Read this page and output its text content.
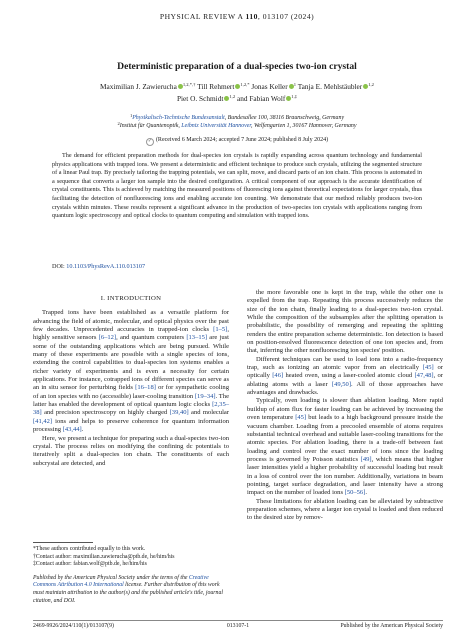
PHYSICAL REVIEW A 110, 013107 (2024)
Deterministic preparation of a dual-species two-ion crystal
Maximilian J. Zawierucha $^{1,2,*,\dagger}$ Till Rehmert $^{1,2,*}$ Jonas Keller $^1$ Tanja E. Mehlstäubler $^{1,2}$
Piet O. Schmidt $^{1,2}$ and Fabian Wolf $^{1,\ddagger}$
$^1$Physikalisch-Technische Bundesanstalt, Bundesallee 100, 38116 Braunschweig, Germany
$^2$Institut für Quantenoptik, Leibniz Universität Hannover, Welfengarten 1, 30167 Hannover, Germany
✓ (Received 6 March 2024; accepted 7 June 2024; published 8 July 2024)
The demand for efficient preparation methods for dual-species ion crystals is rapidly expanding across quantum technology and fundamental physics applications with trapped ions. We present a deterministic and efficient technique to produce such crystals, utilizing the segmented structure of a linear Paul trap. By precisely tailoring the trapping potentials, we can split, move, and discard parts of an ion chain. This process is automated in a sequence that converts a larger ion sample into the desired configuration. A critical component of our approach is the accurate identification of crystal constituents. This is achieved by matching the measured positions of fluorescing ions against theoretical expectations for larger crystals, thus facilitating the detection of nonfluorescing ions and enabling accurate ion counting. We demonstrate that our method reliably produces two-ion crystals within minutes. These results represent a significant advance in the production of two-species ion crystals with applications ranging from quantum logic spectroscopy and optical clocks to quantum computing and simulation with trapped ions.
DOI: 10.1103/PhysRevA.110.013107
I. INTRODUCTION

Trapped ions have been established as a versatile platform for advancing the field of atomic, molecular, and optical physics over the past few decades. Unprecedented accuracies in trapped-ion clocks [1–5], highly sensitive sensors [6–12], and quantum computers [13–15] are just some of the outstanding applications which are being pursued. While many of these experiments are possible with a single species of ions, extending the control capabilities to dual-species ion systems enables a richer variety of experiments and is even a necessity for certain applications. For instance, cotrapped ions of different species can serve as an in situ sensor for perturbing fields [16–18] or for sympathetic cooling of an ion species with no (accessible) laser-cooling transition [19–34]. The latter has enabled the development of optical quantum logic clocks [2,35–38] and precision spectroscopy on highly charged [39,40] and molecular [41,42] ions and helps to preserve coherence for quantum information processing [43,44].

Here, we present a technique for preparing such a dual-species two-ion crystal. The process relies on modifying the confining dc potentials to iteratively split a dual-species ion chain. The constituents of each subcrystal are detected, and

the more favorable one is kept in the trap, while the other one is expelled from the trap. Repeating this process successively reduces the size of the ion chain, finally leading to a dual-species two-ion crystal. While the composition of the subsamples after the splitting operation is probabilistic, the possibility of remerging and repeating the splitting renders the entire preparation scheme deterministic. Ion detection is based on position-resolved fluorescence detection of one ion species and, from that, inferring the other nonfluorescing ion species' position.

Different techniques can be used to load ions into a radio-frequency trap, such as ionizing an atomic vapor from an electrically [45] or optically [46] heated oven, using a laser-cooled atomic cloud [47,48], or ablating atoms with a laser [49,50]. All of those approaches have advantages and drawbacks.

Typically, oven loading is slower than ablation loading. More rapid buildup of atom flux for faster loading can be achieved by increasing the oven temperature [45] but leads to a high background pressure inside the vacuum chamber. Loading from a precooled ensemble of atoms requires substantial technical overhead and suitable laser-cooling transitions for the atomic species. For ablation loading, there is a trade-off between fast loading and control over the exact number of ions since the loading process is governed by Poisson statistics [49], which means that higher laser intensities yield a higher probability of successful loading but result in a loss of control over the ion number. Additionally, variations in beam pointing, target surface degradation, and laser intensity have a strong impact on the number of loaded ions [50–56].

These limitations for ablation loading can be alleviated by subtractive preparation schemes, where a larger ion crystal is loaded and then reduced to the desired size by remov-

*These authors contributed equally to this work.
†Contact author: maximilian.zawierucha@ptb.de, he/him/his
‡Contact author: fabian.wolf@ptb.de, he/him/his
Published by the American Physical Society under the terms of the Creative Commons Attribution 4.0 International license. Further distribution of this work must maintain attribution to the author(s) and the published article's title, journal citation, and DOI.
013107-1
2469-9926/2024/110(1)/013107(9)	Published by the American Physical Society
